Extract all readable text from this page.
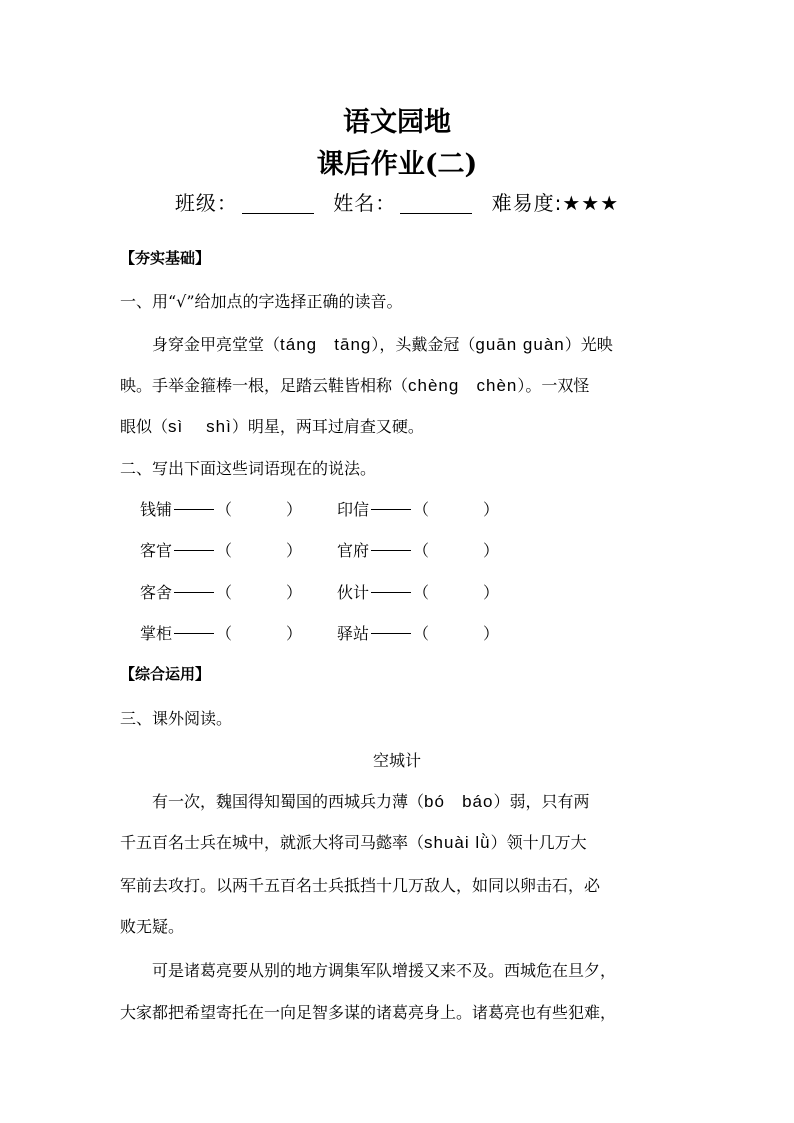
语文园地
课后作业(二)
班级：	姓名：	难易度:★★★
【夯实基础】
一、用“√”给加点的字选择正确的读音。
身穿金甲亮堂堂（táng   tāng），头戴金冠（guān guàn）光映
映。手举金箍棒一根，足踏云鞋皆相称（chèng   chèn）。一双怪
眼似（sì    shì）明星，两耳过肩查又硬。
二、写出下面这些词语现在的说法。
钱铺	（	） 印信	（	）
客官	（	） 官府	（	）
客舍	（	） 伙计	（	）
掌柜	（	） 驿站	（	）
【综合运用】
三、课外阅读。
空城计
有一次，魏国得知蜀国的西城兵力薄（bó   báo）弱，只有两
千五百名士兵在城中，就派大将司马懿率（shuài lǜ）领十几万大
军前去攻打。以两千五百名士兵抵挡十几万敌人，如同以卵击石，必
败无疑。
可是诸葛亮要从别的地方调集军队增援又来不及。西城危在旦夕，
大家都把希望寄托在一向足智多谋的诸葛亮身上。诸葛亮也有些犯难，
